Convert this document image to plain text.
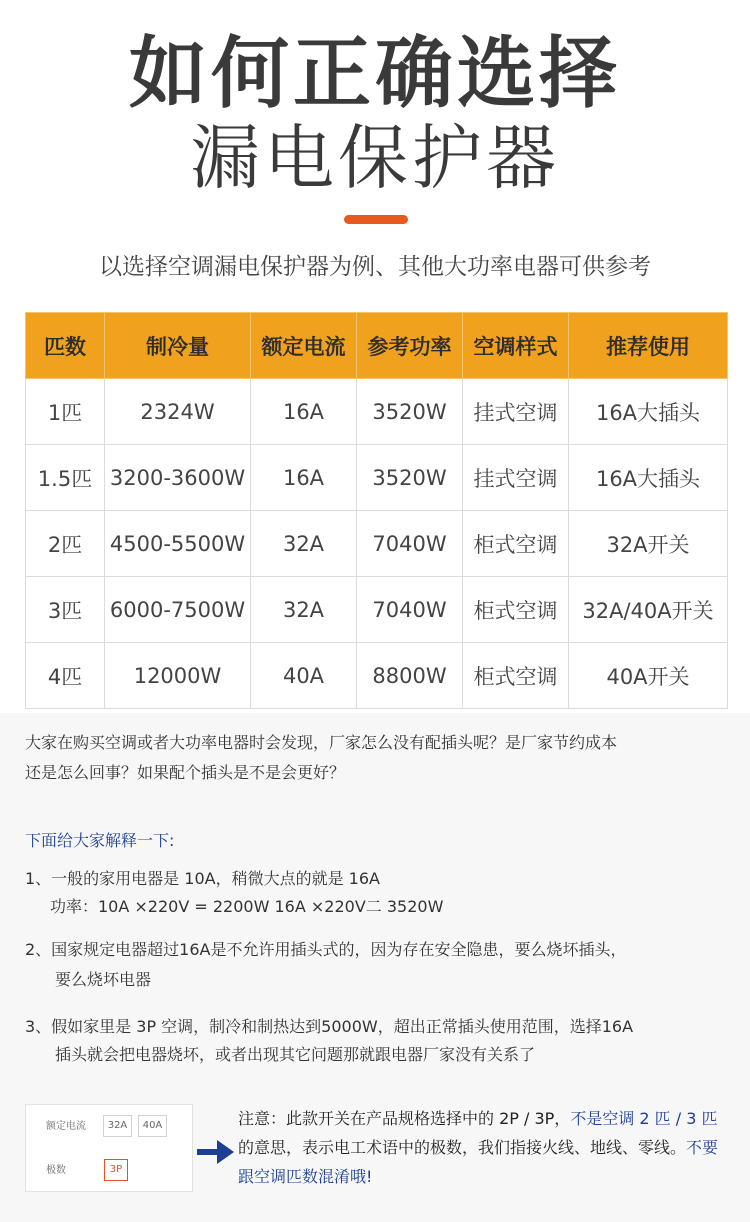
如何正确选择
漏电保护器
以选择空调漏电保护器为例、其他大功率电器可供参考
匹数	制冷量	额定电流	参考功率	空调样式	推荐使用
1匹	2324W	16A	3520W	挂式空调	16A大插头
1.5匹	3200-3600W	16A	3520W	挂式空调	16A大插头
2匹	4500-5500W	32A	7040W	柜式空调	32A开关
3匹	6000-7500W	32A	7040W	柜式空调	32A/40A开关
4匹	12000W	40A	8800W	柜式空调	40A开关
大家在购买空调或者大功率电器时会发现，厂家怎么没有配插头呢？是厂家节约成本
还是怎么回事？如果配个插头是不是会更好？
下面给大家解释一下:
1、一般的家用电器是 10A，稍微大点的就是 16A
功率：10A ×220V = 2200W 16A ×220V二 3520W
2、国家规定电器超过16A是不允许用插头式的，因为存在安全隐患，要么烧坏插头，
要么烧坏电器
3、假如家里是 3P 空调，制冷和制热达到5000W，超出正常插头使用范围，选择16A
插头就会把电器烧坏，或者出现其它问题那就跟电器厂家没有关系了
额定电流	32A	40A
极数	3P
注意：此款开关在产品规格选择中的 2P / 3P，不是空调 2 匹 / 3 匹的意思，表示电工术语中的极数，我们指接火线、地线、零线。不要跟空调匹数混淆哦!
